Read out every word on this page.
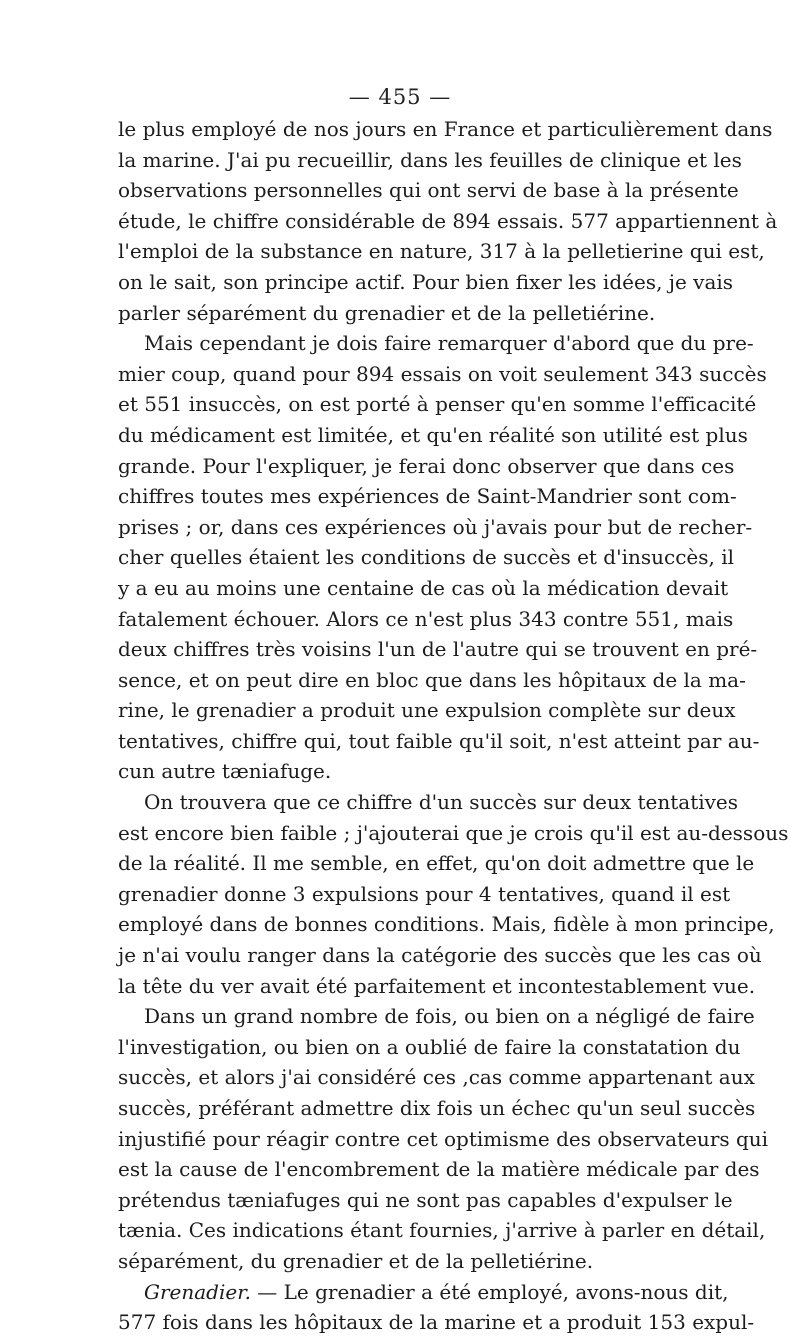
— 455 —
le plus employé de nos jours en France et particulièrement dans
la marine. J'ai pu recueillir, dans les feuilles de clinique et les
observations personnelles qui ont servi de base à la présente
étude, le chiffre considérable de 894 essais. 577 appartiennent à
l'emploi de la substance en nature, 317 à la pelletierine qui est,
on le sait, son principe actif. Pour bien fixer les idées, je vais
parler séparément du grenadier et de la pelletiérine.
Mais cependant je dois faire remarquer d'abord que du pre-
mier coup, quand pour 894 essais on voit seulement 343 succès
et 551 insuccès, on est porté à penser qu'en somme l'efficacité
du médicament est limitée, et qu'en réalité son utilité est plus
grande. Pour l'expliquer, je ferai donc observer que dans ces
chiffres toutes mes expériences de Saint-Mandrier sont com-
prises ; or, dans ces expériences où j'avais pour but de recher-
cher quelles étaient les conditions de succès et d'insuccès, il
y a eu au moins une centaine de cas où la médication devait
fatalement échouer. Alors ce n'est plus 343 contre 551, mais
deux chiffres très voisins l'un de l'autre qui se trouvent en pré-
sence, et on peut dire en bloc que dans les hôpitaux de la ma-
rine, le grenadier a produit une expulsion complète sur deux
tentatives, chiffre qui, tout faible qu'il soit, n'est atteint par au-
cun autre tæniafuge.
On trouvera que ce chiffre d'un succès sur deux tentatives
est encore bien faible ; j'ajouterai que je crois qu'il est au-dessous
de la réalité. Il me semble, en effet, qu'on doit admettre que le
grenadier donne 3 expulsions pour 4 tentatives, quand il est
employé dans de bonnes conditions. Mais, fidèle à mon principe,
je n'ai voulu ranger dans la catégorie des succès que les cas où
la tête du ver avait été parfaitement et incontestablement vue.
Dans un grand nombre de fois, ou bien on a négligé de faire
l'investigation, ou bien on a oublié de faire la constatation du
succès, et alors j'ai considéré ces ,cas comme appartenant aux
succès, préférant admettre dix fois un échec qu'un seul succès
injustifié pour réagir contre cet optimisme des observateurs qui
est la cause de l'encombrement de la matière médicale par des
prétendus tæniafuges qui ne sont pas capables d'expulser le
tænia. Ces indications étant fournies, j'arrive à parler en détail,
séparément, du grenadier et de la pelletiérine.
Grenadier. — Le grenadier a été employé, avons-nous dit,
577 fois dans les hôpitaux de la marine et a produit 153 expul-
